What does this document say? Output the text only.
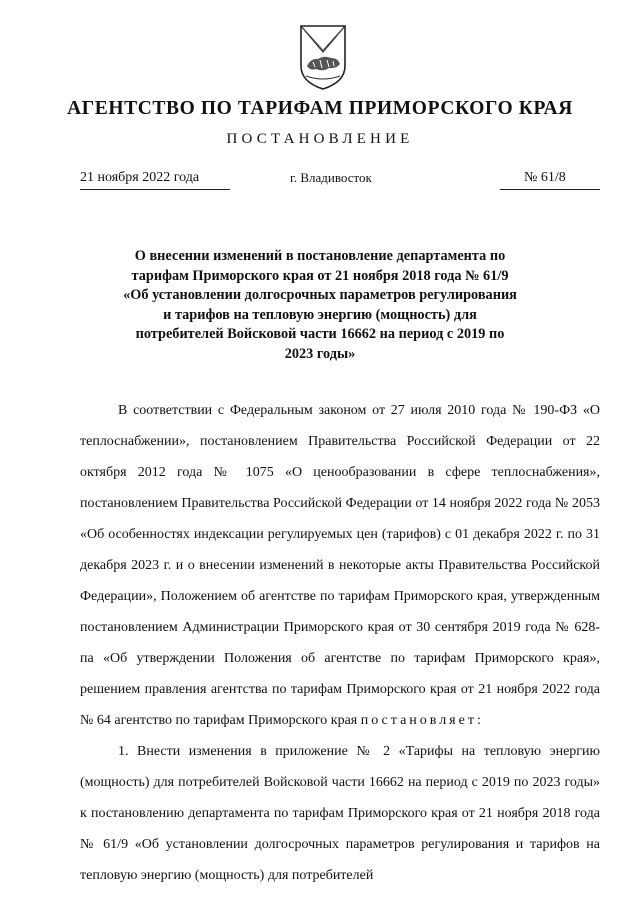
АГЕНТСТВО ПО ТАРИФАМ ПРИМОРСКОГО КРАЯ
ПОСТАНОВЛЕНИЕ
21 ноября 2022 года	г. Владивосток	№ 61/8
О внесении изменений в постановление департамента по тарифам Приморского края от 21 ноября 2018 года № 61/9 «Об установлении долгосрочных параметров регулирования и тарифов на тепловую энергию (мощность) для потребителей Войсковой части 16662 на период с 2019 по 2023 годы»

В соответствии с Федеральным законом от 27 июля 2010 года № 190-ФЗ «О теплоснабжении», постановлением Правительства Российской Федерации от 22 октября 2012 года № 1075 «О ценообразовании в сфере теплоснабжения», постановлением Правительства Российской Федерации от 14 ноября 2022 года № 2053 «Об особенностях индексации регулируемых цен (тарифов) с 01 декабря 2022 г. по 31 декабря 2023 г. и о внесении изменений в некоторые акты Правительства Российской Федерации», Положением об агентстве по тарифам Приморского края, утвержденным постановлением Администрации Приморского края от 30 сентября 2019 года № 628-па «Об утверждении Положения об агентстве по тарифам Приморского края», решением правления агентства по тарифам Приморского края от 21 ноября 2022 года № 64 агентство по тарифам Приморского края постановляет:

1. Внести изменения в приложение № 2 «Тарифы на тепловую энергию (мощность) для потребителей Войсковой части 16662 на период с 2019 по 2023 годы» к постановлению департамента по тарифам Приморского края от 21 ноября 2018 года № 61/9 «Об установлении долгосрочных параметров регулирования и тарифов на тепловую энергию (мощность) для потребителей
